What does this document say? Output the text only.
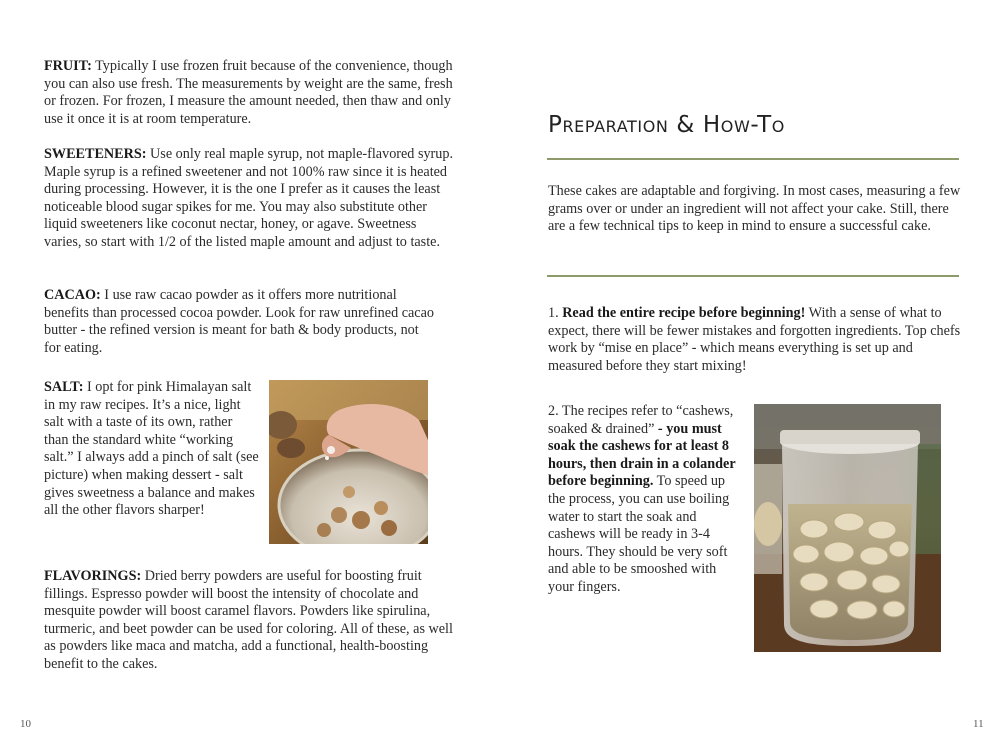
FRUIT: Typically I use frozen fruit because of the convenience, though you can also use fresh. The measurements by weight are the same, fresh or frozen. For frozen, I measure the amount needed, then thaw and only use it once it is at room temperature.

SWEETENERS: Use only real maple syrup, not maple-flavored syrup. Maple syrup is a refined sweetener and not 100% raw since it is heated during processing. However, it is the one I prefer as it causes the least noticeable blood sugar spikes for me. You may also substitute other liquid sweeteners like coconut nectar, honey, or agave. Sweetness varies, so start with 1/2 of the listed maple amount and adjust to taste.

CACAO: I use raw cacao powder as it offers more nutritional benefits than processed cocoa powder. Look for raw unrefined cacao butter - the refined version is meant for bath & body products, not for eating.

SALT: I opt for pink Himalayan salt in my raw recipes. It’s a nice, light salt with a taste of its own, rather than the standard white “working salt.” I always add a pinch of salt (see picture) when making dessert - salt gives sweetness a balance and makes all the other flavors sharper!

FLAVORINGS: Dried berry powders are useful for boosting fruit fillings. Espresso powder will boost the intensity of chocolate and mesquite powder will boost caramel flavors. Powders like spirulina, turmeric, and beet powder can be used for coloring. All of these, as well as powders like maca and matcha, add a functional, health-boosting benefit to the cakes.

10
Preparation & How-To

These cakes are adaptable and forgiving. In most cases, measuring a few grams over or under an ingredient will not affect your cake. Still, there are a few technical tips to keep in mind to ensure a successful cake.

1. Read the entire recipe before beginning! With a sense of what to expect, there will be fewer mistakes and forgotten ingredients. Top chefs work by “mise en place” - which means everything is set up and measured before they start mixing!

2. The recipes refer to “cashews, soaked & drained” - you must soak the cashews for at least 8 hours, then drain in a colander before beginning. To speed up the process, you can use boiling water to start the soak and cashews will be ready in 3-4 hours. They should be very soft and able to be smooshed with your fingers.

11
